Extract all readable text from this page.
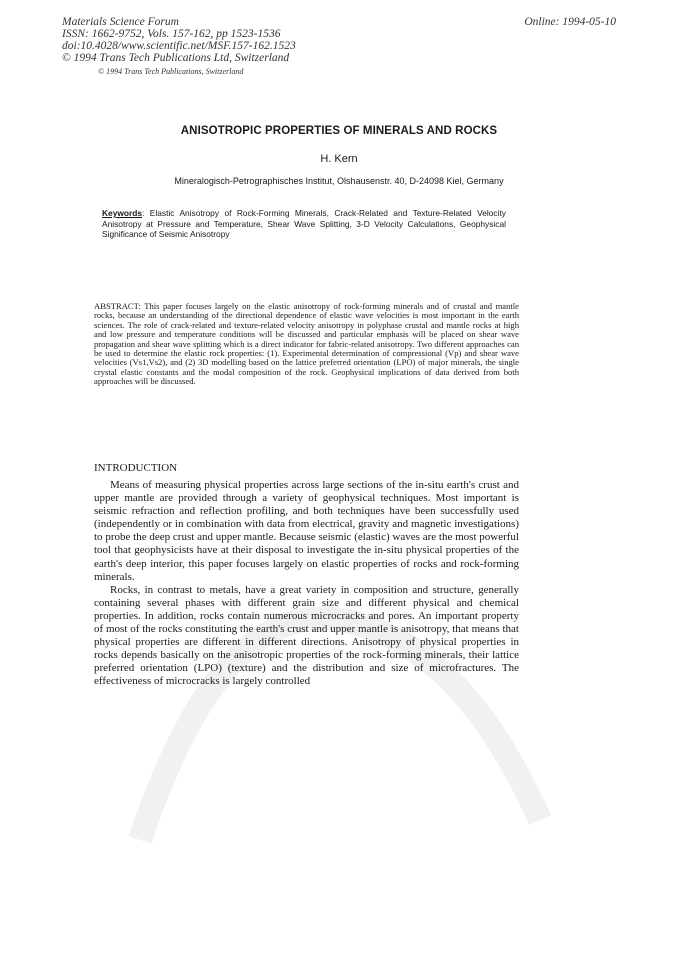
Materials Science Forum
ISSN: 1662-9752, Vols. 157-162, pp 1523-1536
doi:10.4028/www.scientific.net/MSF.157-162.1523
© 1994 Trans Tech Publications Ltd, Switzerland
© 1994 Trans Tech Publications, Switzerland
Online: 1994-05-10
ANISOTROPIC PROPERTIES OF MINERALS AND ROCKS
H. Kern
Mineralogisch-Petrographisches Institut, Olshausenstr. 40, D-24098 Kiel, Germany
Keywords: Elastic Anisotropy of Rock-Forming Minerals, Crack-Related and Texture-Related Velocity Anisotropy at Pressure and Temperature, Shear Wave Splitting, 3-D Velocity Calculations, Geophysical Significance of Seismic Anisotropy
ABSTRACT: This paper focuses largely on the elastic anisotropy of rock-forming minerals and of crustal and mantle rocks, because an understanding of the directional dependence of elastic wave velocities is most important in the earth sciences. The role of crack-related and texture-related velocity anisotropy in polyphase crustal and mantle rocks at high and low pressure and temperature conditions will be discussed and particular emphasis will be placed on shear wave propagation and shear wave splitting which is a direct indicator for fabric-related anisotropy. Two different approaches can be used to determine the elastic rock properties: (1). Experimental determination of compressional (Vp) and shear wave velocities (Vs1,Vs2), and (2) 3D modelling based on the lattice preferred orientation (LPO) of major minerals, the single crystal elastic constants and the modal composition of the rock. Geophysical implications of data derived from both approaches will be discussed.
INTRODUCTION

Means of measuring physical properties across large sections of the in-situ earth's crust and upper mantle are provided through a variety of geophysical techniques. Most important is seismic refraction and reflection profiling, and both techniques have been successfully used (independently or in combination with data from electrical, gravity and magnetic investigations) to probe the deep crust and upper mantle. Because seismic (elastic) waves are the most powerful tool that geophysicists have at their disposal to investigate the in-situ physical properties of the earth's deep interior, this paper focuses largely on elastic properties of rocks and rock-forming minerals.

Rocks, in contrast to metals, have a great variety in composition and structure, generally containing several phases with different grain size and different physical and chemical properties. In addition, rocks contain numerous microcracks and pores. An important property of most of the rocks constituting the earth's crust and upper mantle is anisotropy, that means that physical properties are different in different directions. Anisotropy of physical properties in rocks depends basically on the anisotropic properties of the rock-forming minerals, their lattice preferred orientation (LPO) (texture) and the distribution and size of microfractures. The effectiveness of microcracks is largely controlled
